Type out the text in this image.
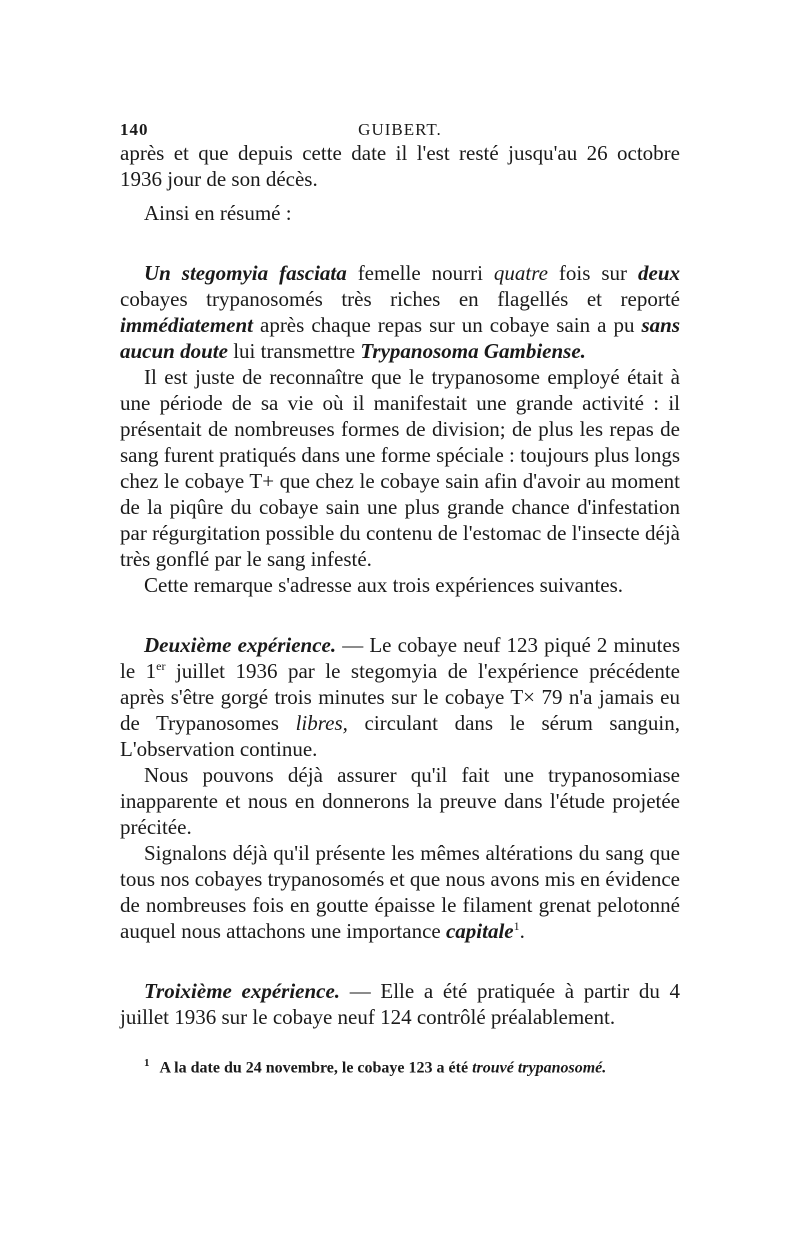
140	GUIBERT.

après et que depuis cette date il l'est resté jusqu'au 26 octobre 1936 jour de son décès.

Ainsi en résumé :

Un stegomyia fasciata femelle nourri quatre fois sur deux cobayes trypanosomés très riches en flagellés et reporté immédiatement après chaque repas sur un cobaye sain a pu sans aucun doute lui transmettre Trypanosoma Gambiense.

Il est juste de reconnaître que le trypanosome employé était à une période de sa vie où il manifestait une grande activité : il présentait de nombreuses formes de division; de plus les repas de sang furent pratiqués dans une forme spéciale : toujours plus longs chez le cobaye T+ que chez le cobaye sain afin d'avoir au moment de la piqûre du cobaye sain une plus grande chance d'infestation par régurgitation possible du contenu de l'estomac de l'insecte déjà très gonflé par le sang infesté.

Cette remarque s'adresse aux trois expériences suivantes.

Deuxième expérience. — Le cobaye neuf 123 piqué 2 minutes le 1er juillet 1936 par le stegomyia de l'expérience précédente après s'être gorgé trois minutes sur le cobaye T× 79 n'a jamais eu de Trypanosomes libres, circulant dans le sérum sanguin, L'observation continue.

Nous pouvons déjà assurer qu'il fait une trypanosomiase inapparente et nous en donnerons la preuve dans l'étude projetée précitée.

Signalons déjà qu'il présente les mêmes altérations du sang que tous nos cobayes trypanosomés et que nous avons mis en évidence de nombreuses fois en goutte épaisse le filament grenat pelotonné auquel nous attachons une importance capitale$^1$.

Troixième expérience. — Elle a été pratiquée à partir du 4 juillet 1936 sur le cobaye neuf 124 contrôlé préalablement.

$^1$ A la date du 24 novembre, le cobaye 123 a été trouvé trypanosomé.
